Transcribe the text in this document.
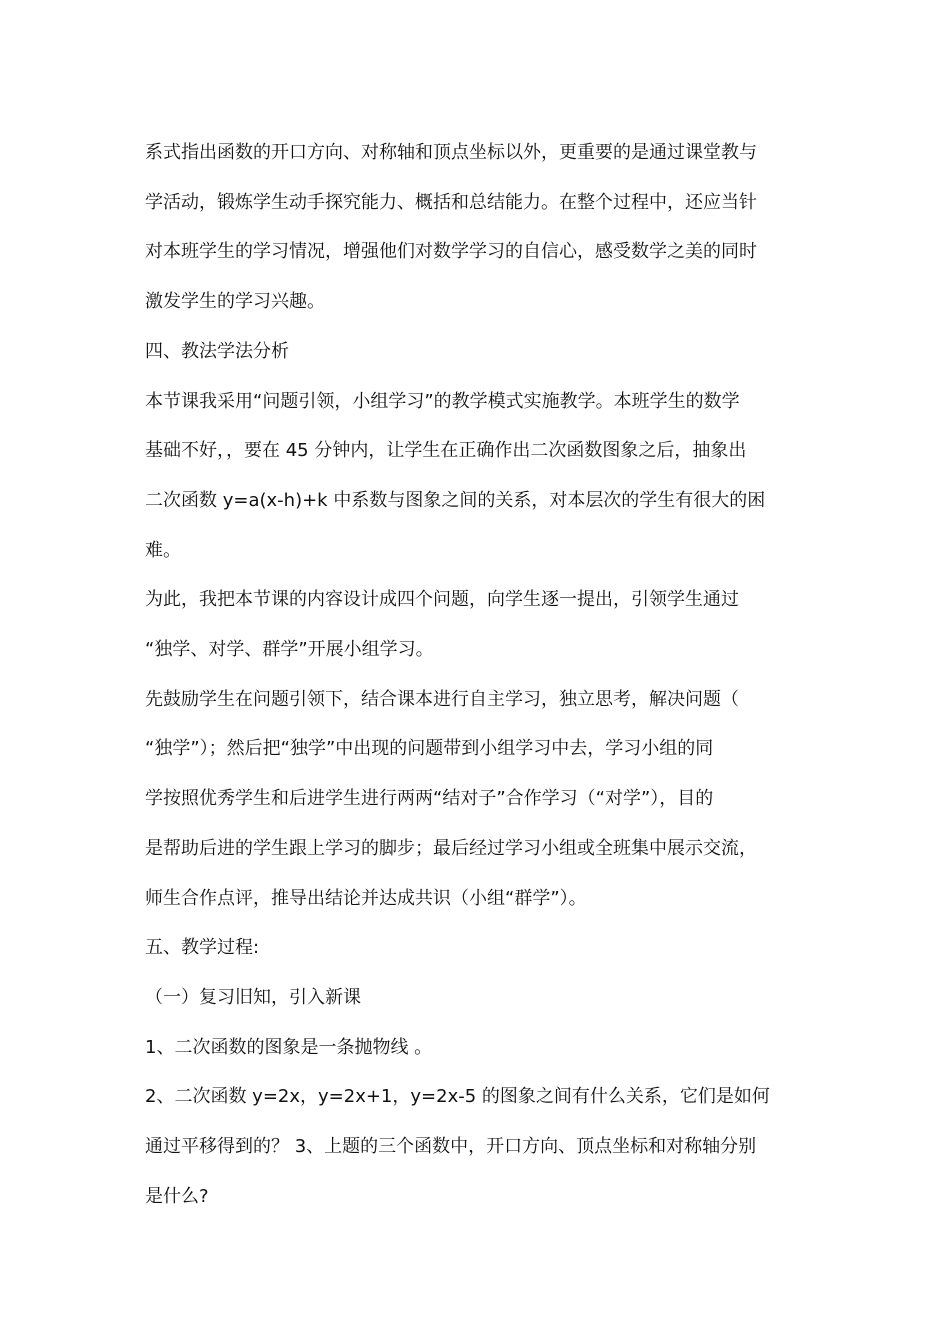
系式指出函数的开口方向、对称轴和顶点坐标以外，更重要的是通过课堂教与

学活动，锻炼学生动手探究能力、概括和总结能力。在整个过程中，还应当针

对本班学生的学习情况，增强他们对数学学习的自信心，感受数学之美的同时

激发学生的学习兴趣。

四、教法学法分析

本节课我采用“问题引领，小组学习”的教学模式实施教学。本班学生的数学

基础不好，，要在 45 分钟内，让学生在正确作出二次函数图象之后，抽象出

二次函数 y=a(x-h)+k 中系数与图象之间的关系，对本层次的学生有很大的困

难。

为此，我把本节课的内容设计成四个问题，向学生逐一提出，引领学生通过

“独学、对学、群学”开展小组学习。

先鼓励学生在问题引领下，结合课本进行自主学习，独立思考，解决问题（

“独学”）；然后把“独学”中出现的问题带到小组学习中去，学习小组的同

学按照优秀学生和后进学生进行两两“结对子”合作学习（“对学”），目的

是帮助后进的学生跟上学习的脚步；最后经过学习小组或全班集中展示交流，

师生合作点评，推导出结论并达成共识（小组“群学”）。

五、教学过程:

（一）复习旧知，引入新课

1、二次函数的图象是一条抛物线 。

2、二次函数 y=2x，y=2x+1，y=2x-5 的图象之间有什么关系，它们是如何

通过平移得到的？ 3、上题的三个函数中，开口方向、顶点坐标和对称轴分别

是什么?
